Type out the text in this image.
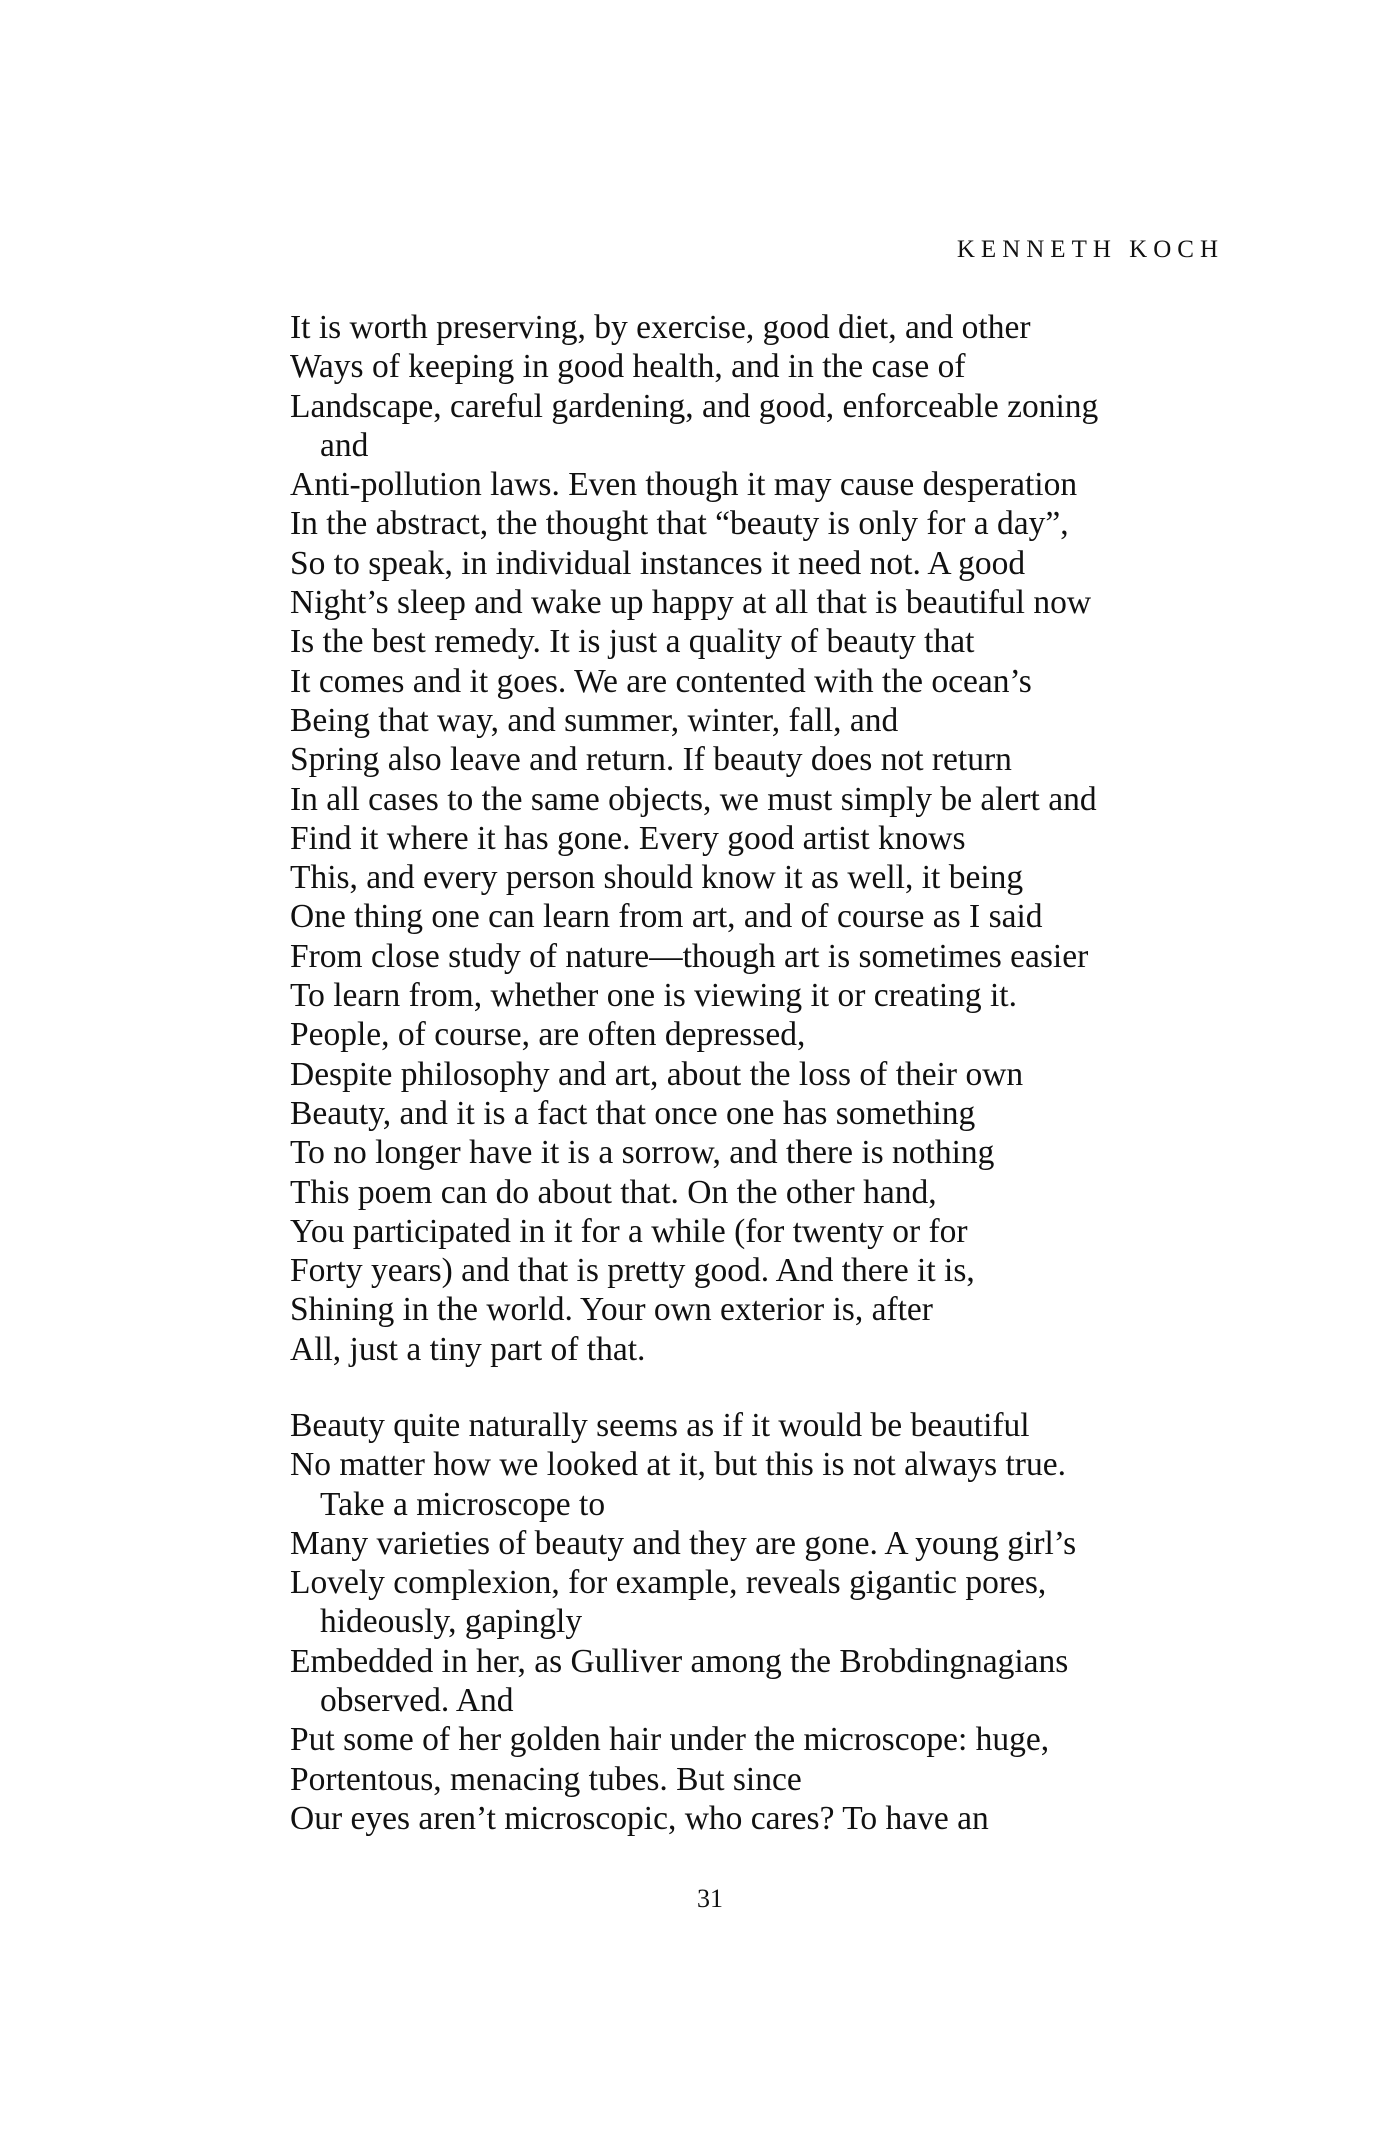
KENNETH KOCH
It is worth preserving, by exercise, good diet, and other
Ways of keeping in good health, and in the case of
Landscape, careful gardening, and good, enforceable zoning
and
Anti-pollution laws. Even though it may cause desperation
In the abstract, the thought that “beauty is only for a day”,
So to speak, in individual instances it need not. A good
Night’s sleep and wake up happy at all that is beautiful now
Is the best remedy. It is just a quality of beauty that
It comes and it goes. We are contented with the ocean’s
Being that way, and summer, winter, fall, and
Spring also leave and return. If beauty does not return
In all cases to the same objects, we must simply be alert and
Find it where it has gone. Every good artist knows
This, and every person should know it as well, it being
One thing one can learn from art, and of course as I said
From close study of nature—though art is sometimes easier
To learn from, whether one is viewing it or creating it.
People, of course, are often depressed,
Despite philosophy and art, about the loss of their own
Beauty, and it is a fact that once one has something
To no longer have it is a sorrow, and there is nothing
This poem can do about that. On the other hand,
You participated in it for a while (for twenty or for
Forty years) and that is pretty good. And there it is,
Shining in the world. Your own exterior is, after
All, just a tiny part of that.
Beauty quite naturally seems as if it would be beautiful
No matter how we looked at it, but this is not always true.
Take a microscope to
Many varieties of beauty and they are gone. A young girl’s
Lovely complexion, for example, reveals gigantic pores,
hideously, gapingly
Embedded in her, as Gulliver among the Brobdingnagians
observed. And
Put some of her golden hair under the microscope: huge,
Portentous, menacing tubes. But since
Our eyes aren’t microscopic, who cares? To have an
31
